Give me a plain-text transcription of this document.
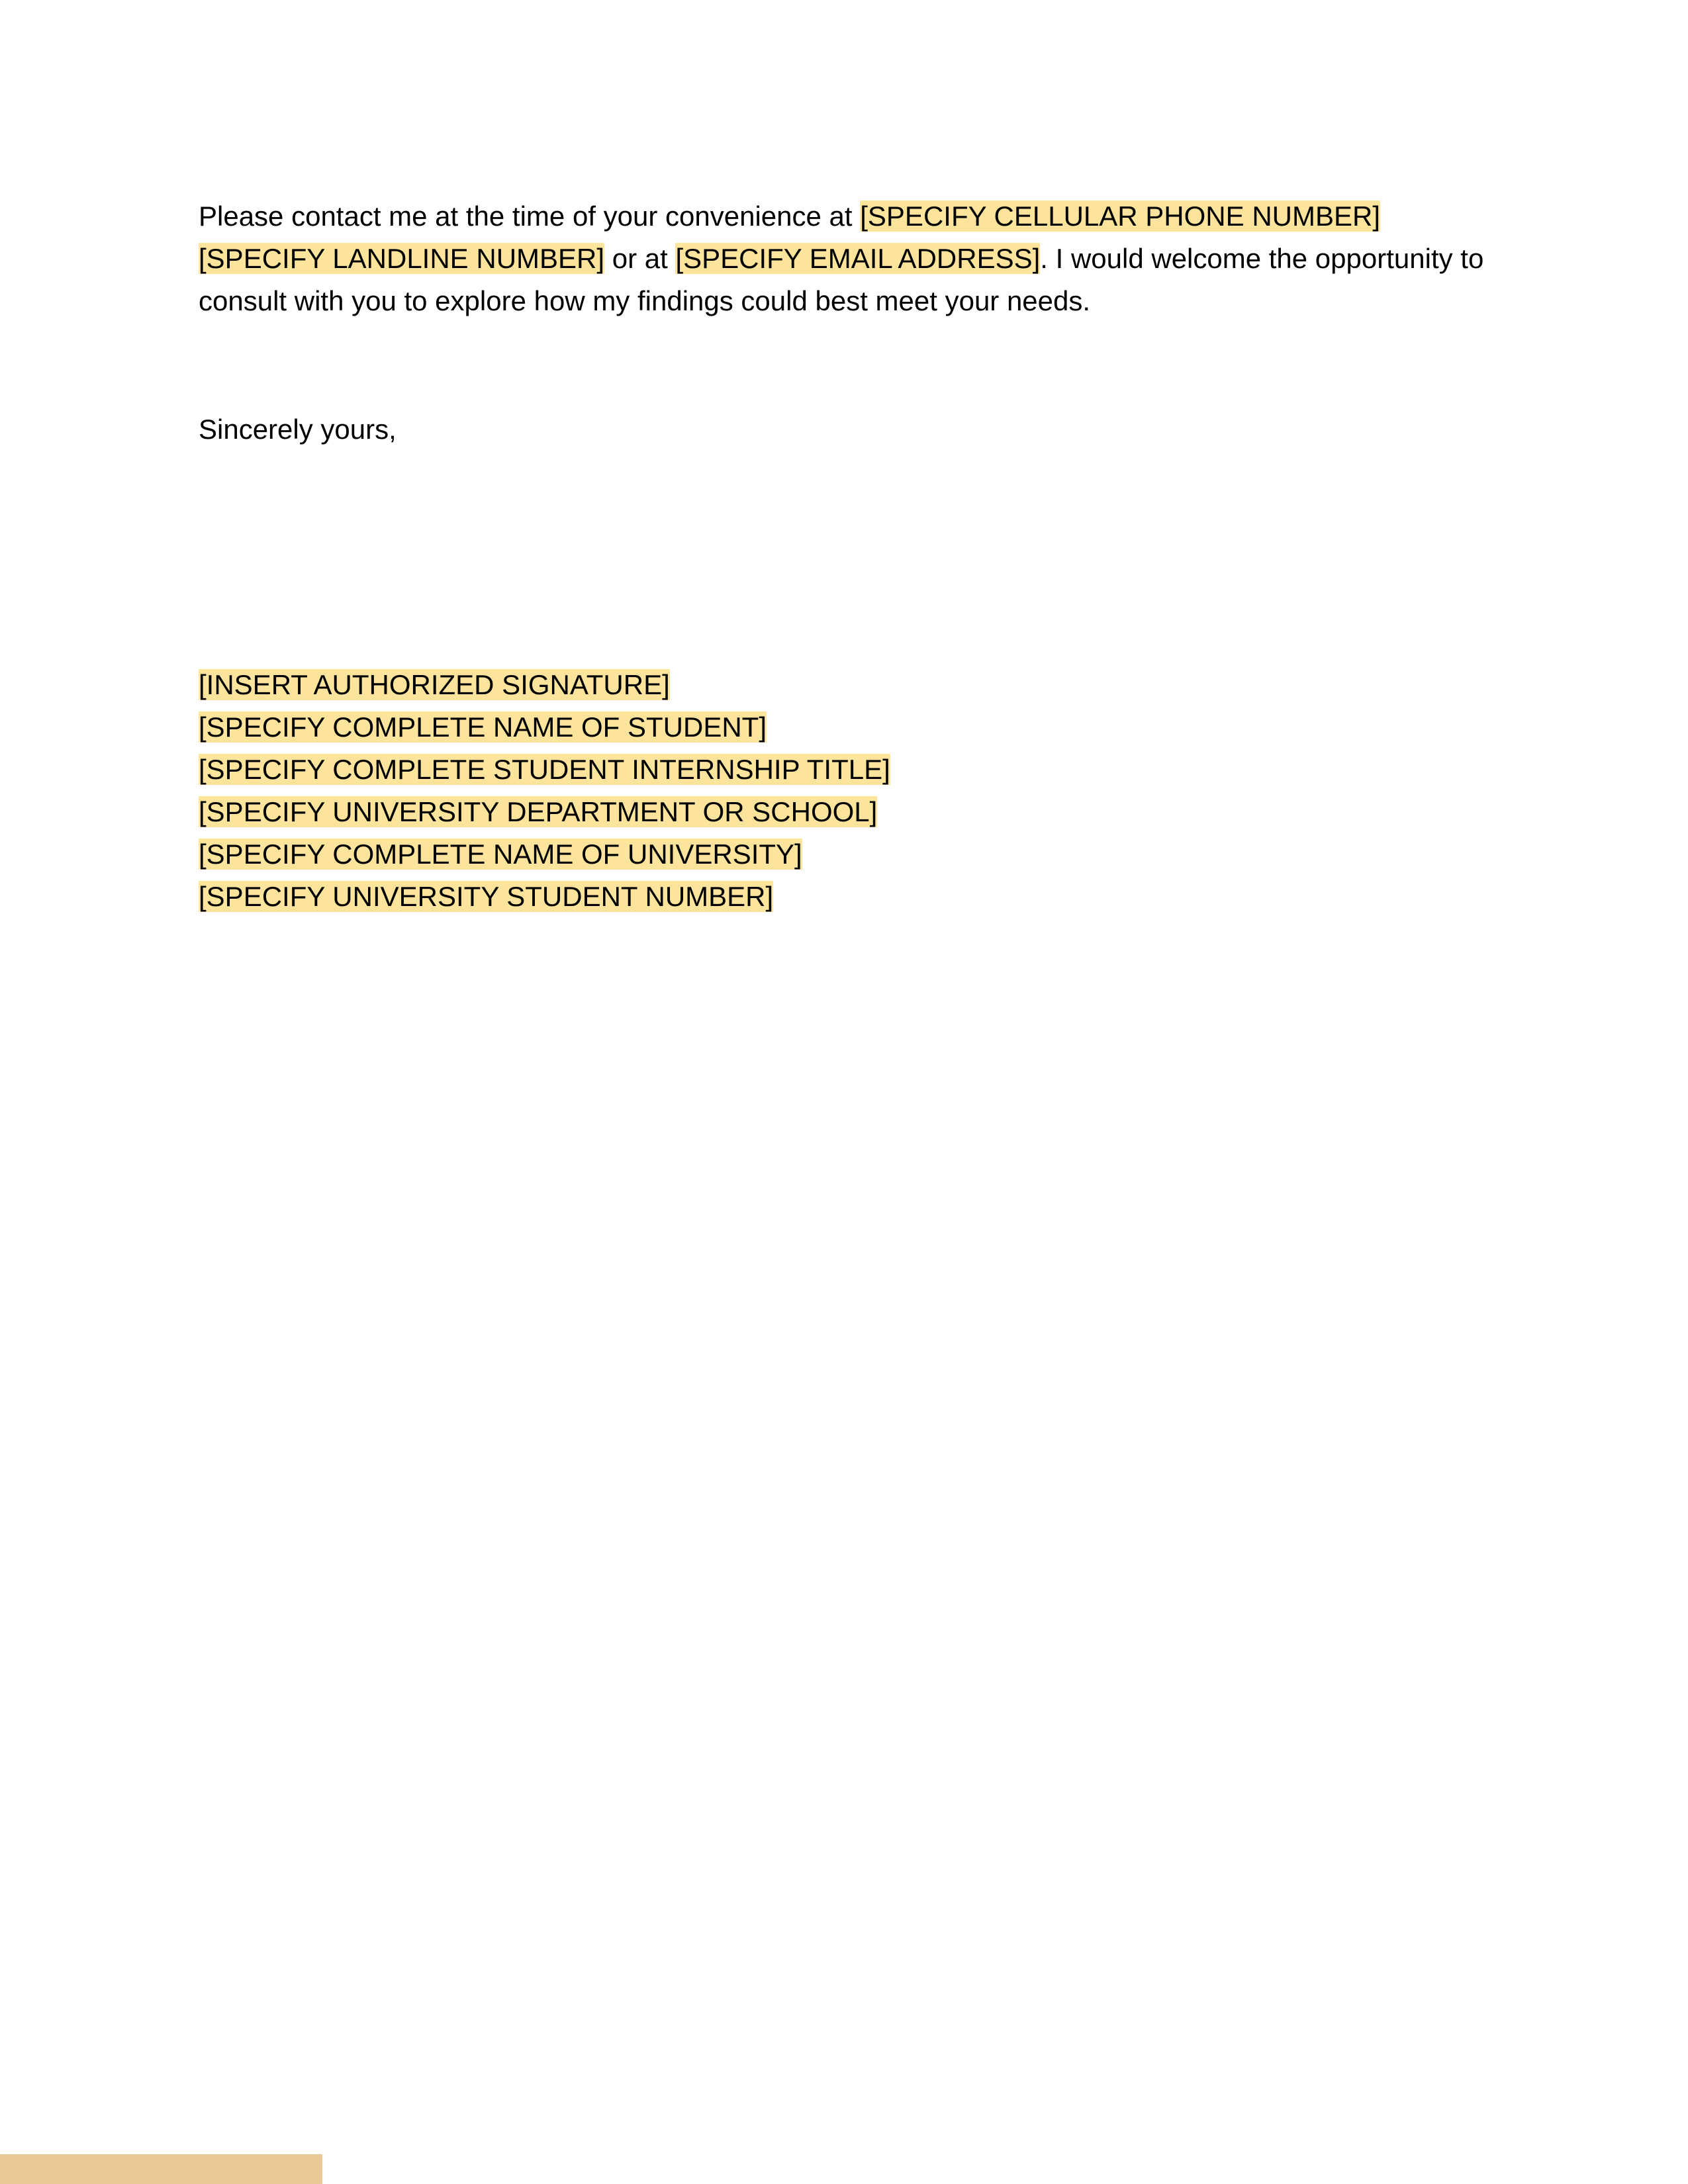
Please contact me at the time of your convenience at [SPECIFY CELLULAR PHONE NUMBER] [SPECIFY LANDLINE NUMBER] or at [SPECIFY EMAIL ADDRESS]. I would welcome the opportunity to consult with you to explore how my findings could best meet your needs.

Sincerely yours,

[INSERT AUTHORIZED SIGNATURE]
[SPECIFY COMPLETE NAME OF STUDENT]
[SPECIFY COMPLETE STUDENT INTERNSHIP TITLE]
[SPECIFY UNIVERSITY DEPARTMENT OR SCHOOL]
[SPECIFY COMPLETE NAME OF UNIVERSITY]
[SPECIFY UNIVERSITY STUDENT NUMBER]
